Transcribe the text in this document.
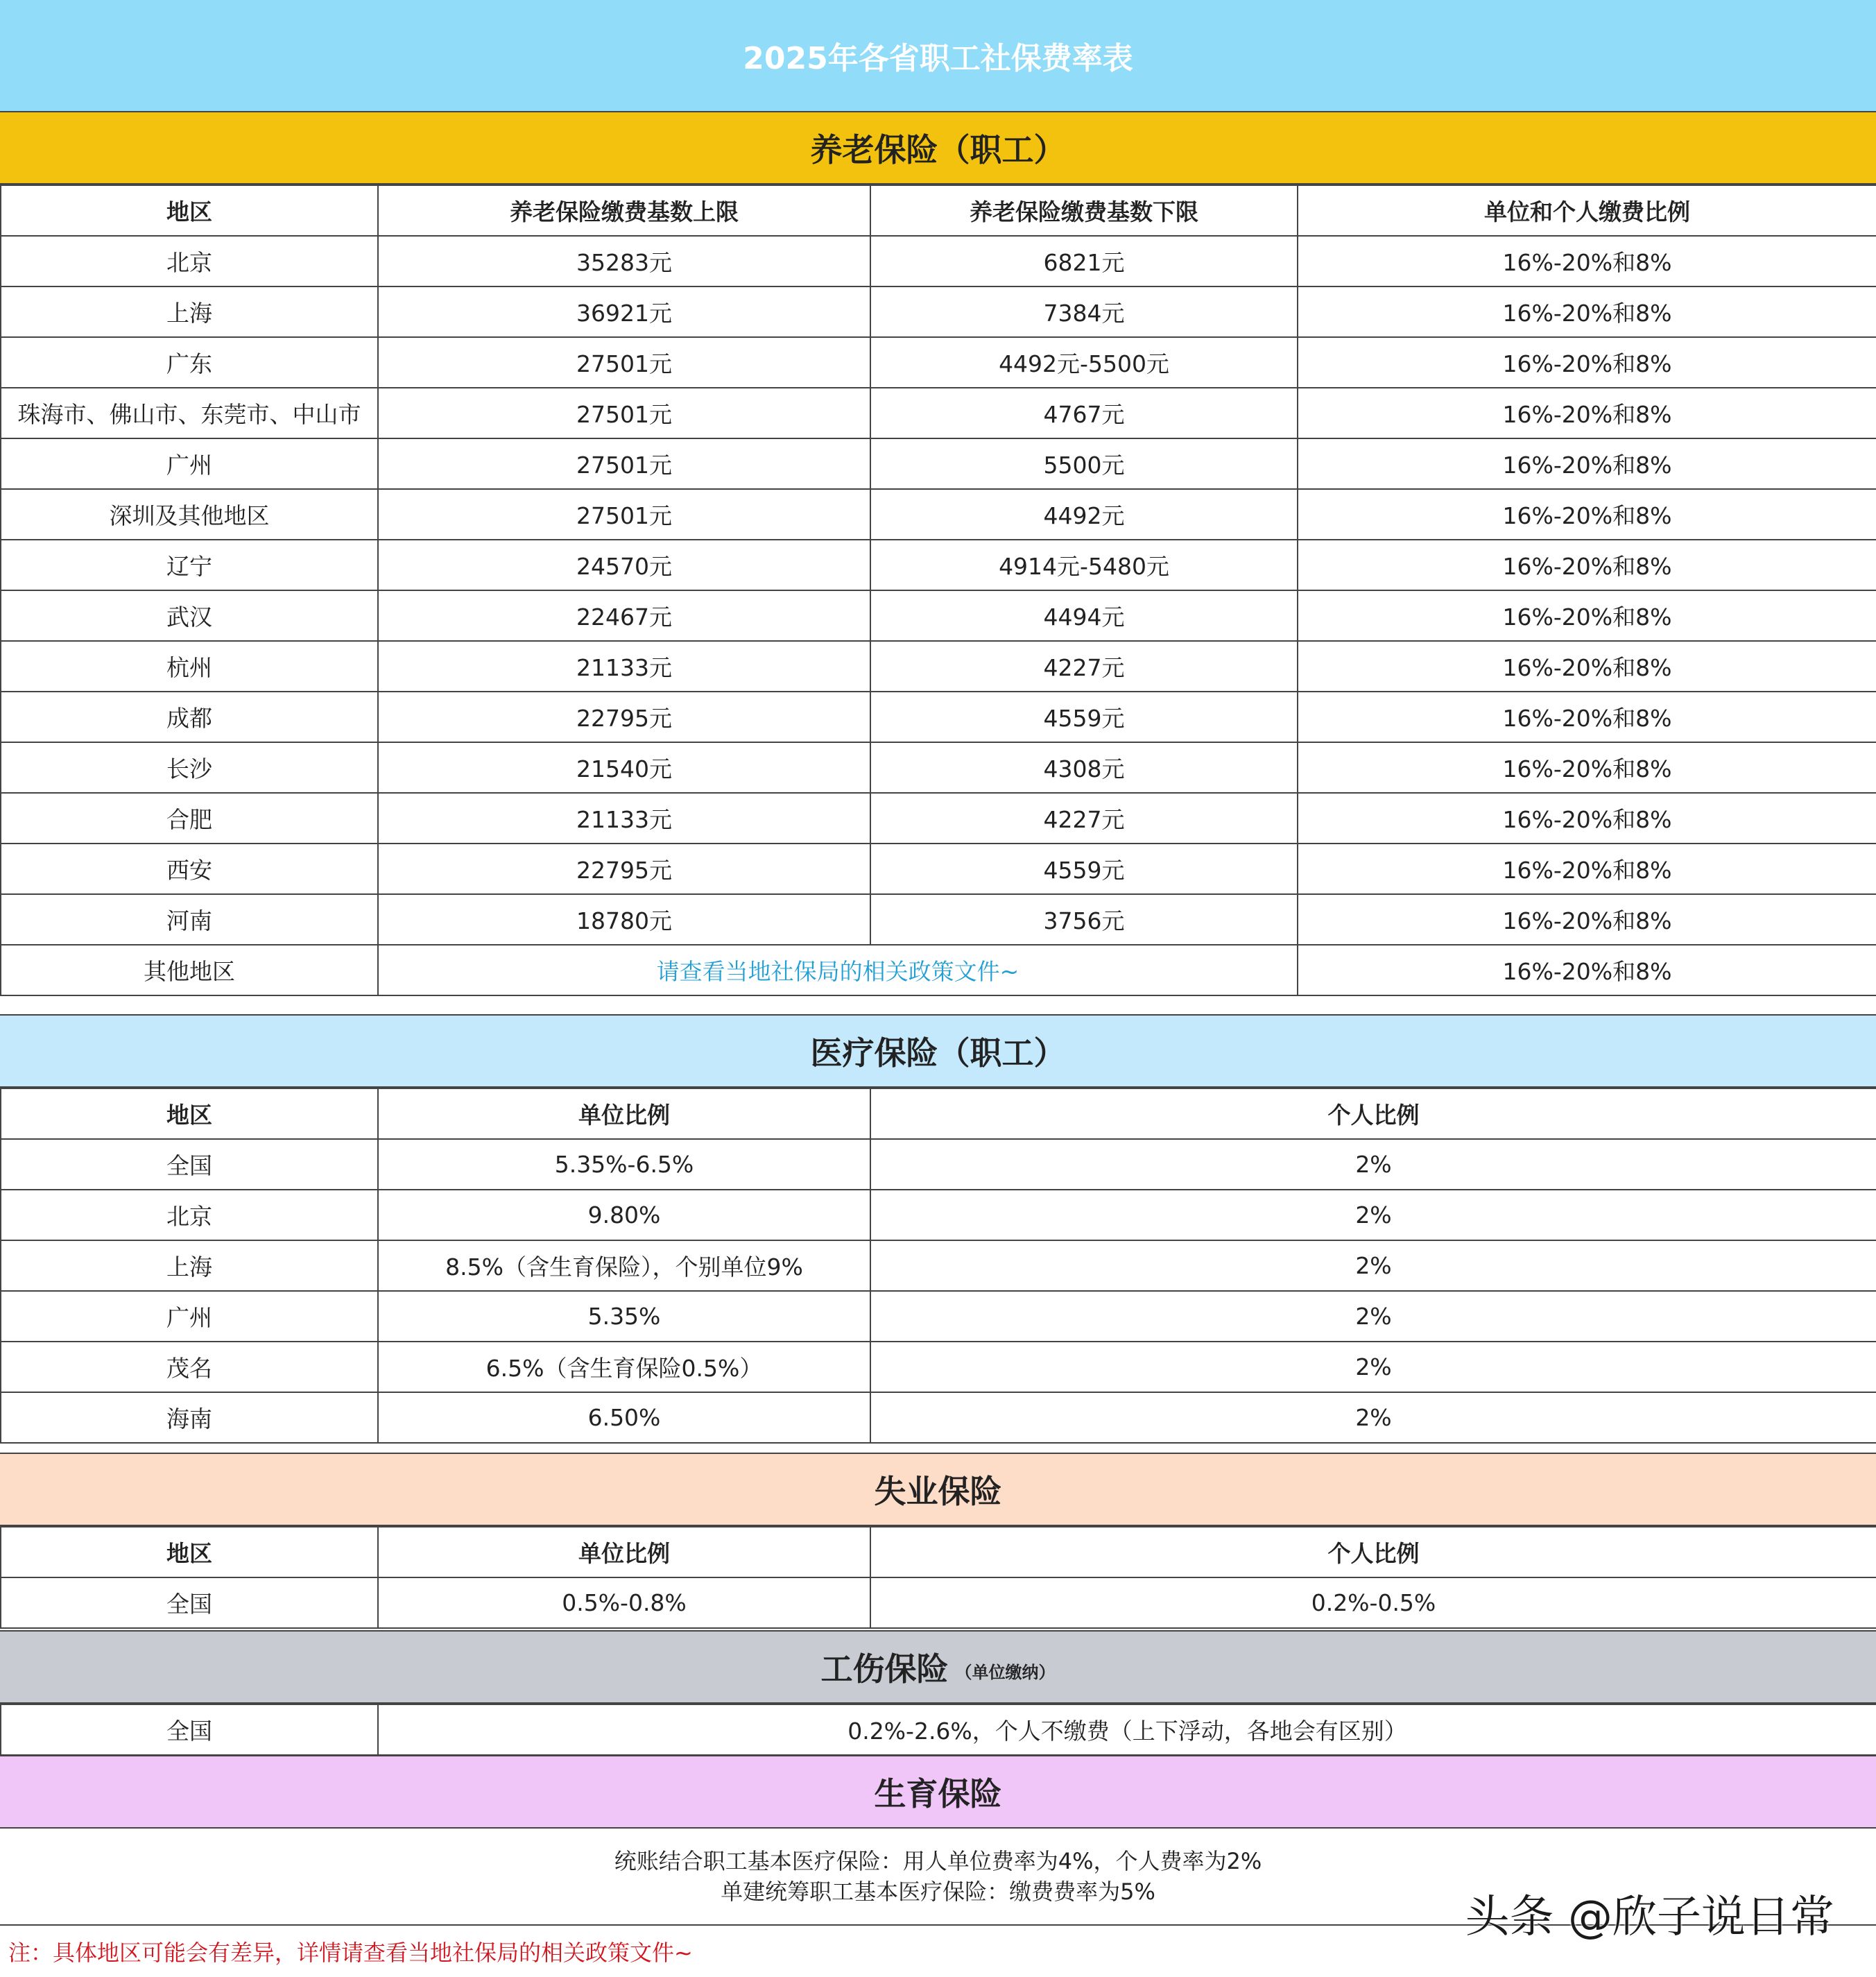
2025年各省职工社保费率表
养老保险（职工）
地区	养老保险缴费基数上限	养老保险缴费基数下限	单位和个人缴费比例
北京	35283元	6821元	16%-20%和8%
上海	36921元	7384元	16%-20%和8%
广东	27501元	4492元-5500元	16%-20%和8%
珠海市、佛山市、东莞市、中山市	27501元	4767元	16%-20%和8%
广州	27501元	5500元	16%-20%和8%
深圳及其他地区	27501元	4492元	16%-20%和8%
辽宁	24570元	4914元-5480元	16%-20%和8%
武汉	22467元	4494元	16%-20%和8%
杭州	21133元	4227元	16%-20%和8%
成都	22795元	4559元	16%-20%和8%
长沙	21540元	4308元	16%-20%和8%
合肥	21133元	4227元	16%-20%和8%
西安	22795元	4559元	16%-20%和8%
河南	18780元	3756元	16%-20%和8%
其他地区	请查看当地社保局的相关政策文件~		16%-20%和8%
医疗保险（职工）
地区	单位比例	个人比例
全国	5.35%-6.5%	2%
北京	9.80%	2%
上海	8.5%（含生育保险），个别单位9%	2%
广州	5.35%	2%
茂名	6.5%（含生育保险0.5%）	2%
海南	6.50%	2%
失业保险
地区	单位比例	个人比例
全国	0.5%-0.8%	0.2%-0.5%
工伤保险 （单位缴纳）
全国	0.2%-2.6%，个人不缴费（上下浮动，各地会有区别）
生育保险
统账结合职工基本医疗保险：用人单位费率为4%，个人费率为2%
单建统筹职工基本医疗保险：缴费费率为5%
注：具体地区可能会有差异，详情请查看当地社保局的相关政策文件~
头条 @欣子说日常
